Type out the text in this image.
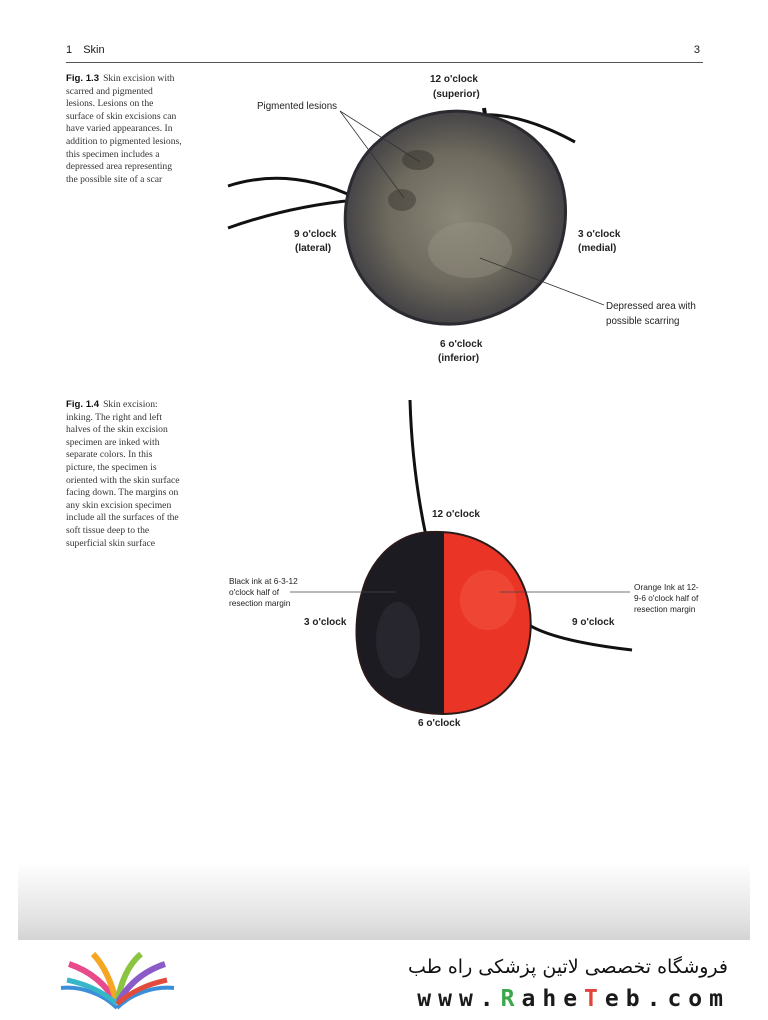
1 Skin	3
Fig. 1.3 Skin excision with
scarred and pigmented
lesions. Lesions on the
surface of skin excisions can
have varied appearances. In
addition to pigmented lesions,
this specimen includes a
depressed area representing
the possible site of a scar
Pigmented lesions
12 o'clock
(superior)
9 o'clock
(lateral)
3 o'clock
(medial)
Depressed area with
possible scarring
6 o'clock
(inferior)
Fig. 1.4 Skin excision:
inking. The right and left
halves of the skin excision
specimen are inked with
separate colors. In this
picture, the specimen is
oriented with the skin surface
facing down. The margins on
any skin excision specimen
include all the surfaces of the
soft tissue deep to the
superficial skin surface
12 o'clock
Black ink at 6-3-12
o'clock half of
resection margin
Orange Ink at 12-
9-6 o'clock half of
resection margin
3 o'clock	9 o'clock
6 o'clock
فروشگاه تخصصی لاتین پزشکی راه طب
www.RaheTeb.com
